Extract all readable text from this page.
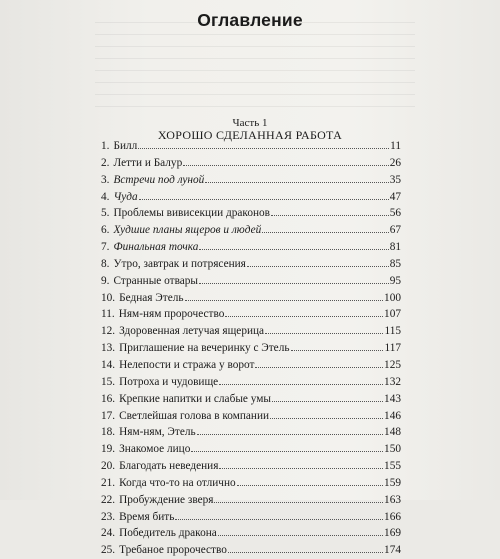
Оглавление
Часть 1
ХОРОШО СДЕЛАННАЯ РАБОТА
1. Билл	11
2. Летти и Балур	26
3. Встречи под луной	35
4. Чуда	47
5. Проблемы вивисекции драконов	56
6. Худшие планы ящеров и людей	67
7. Финальная точка	81
8. Утро, завтрак и потрясения	85
9. Странные отвары	95
10. Бедная Этель	100
11. Ням-ням пророчество	107
12. Здоровенная летучая ящерица	115
13. Приглашение на вечеринку с Этель	117
14. Нелепости и стража у ворот	125
15. Потроха и чудовище	132
16. Крепкие напитки и слабые умы	143
17. Светлейшая голова в компании	146
18. Ням-ням, Этель	148
19. Знакомое лицо	150
20. Благодать неведения	155
21. Когда что-то на отлично	159
22. Пробуждение зверя	163
23. Время бить	166
24. Победитель дракона	169
25. Требаное пророчество	174
